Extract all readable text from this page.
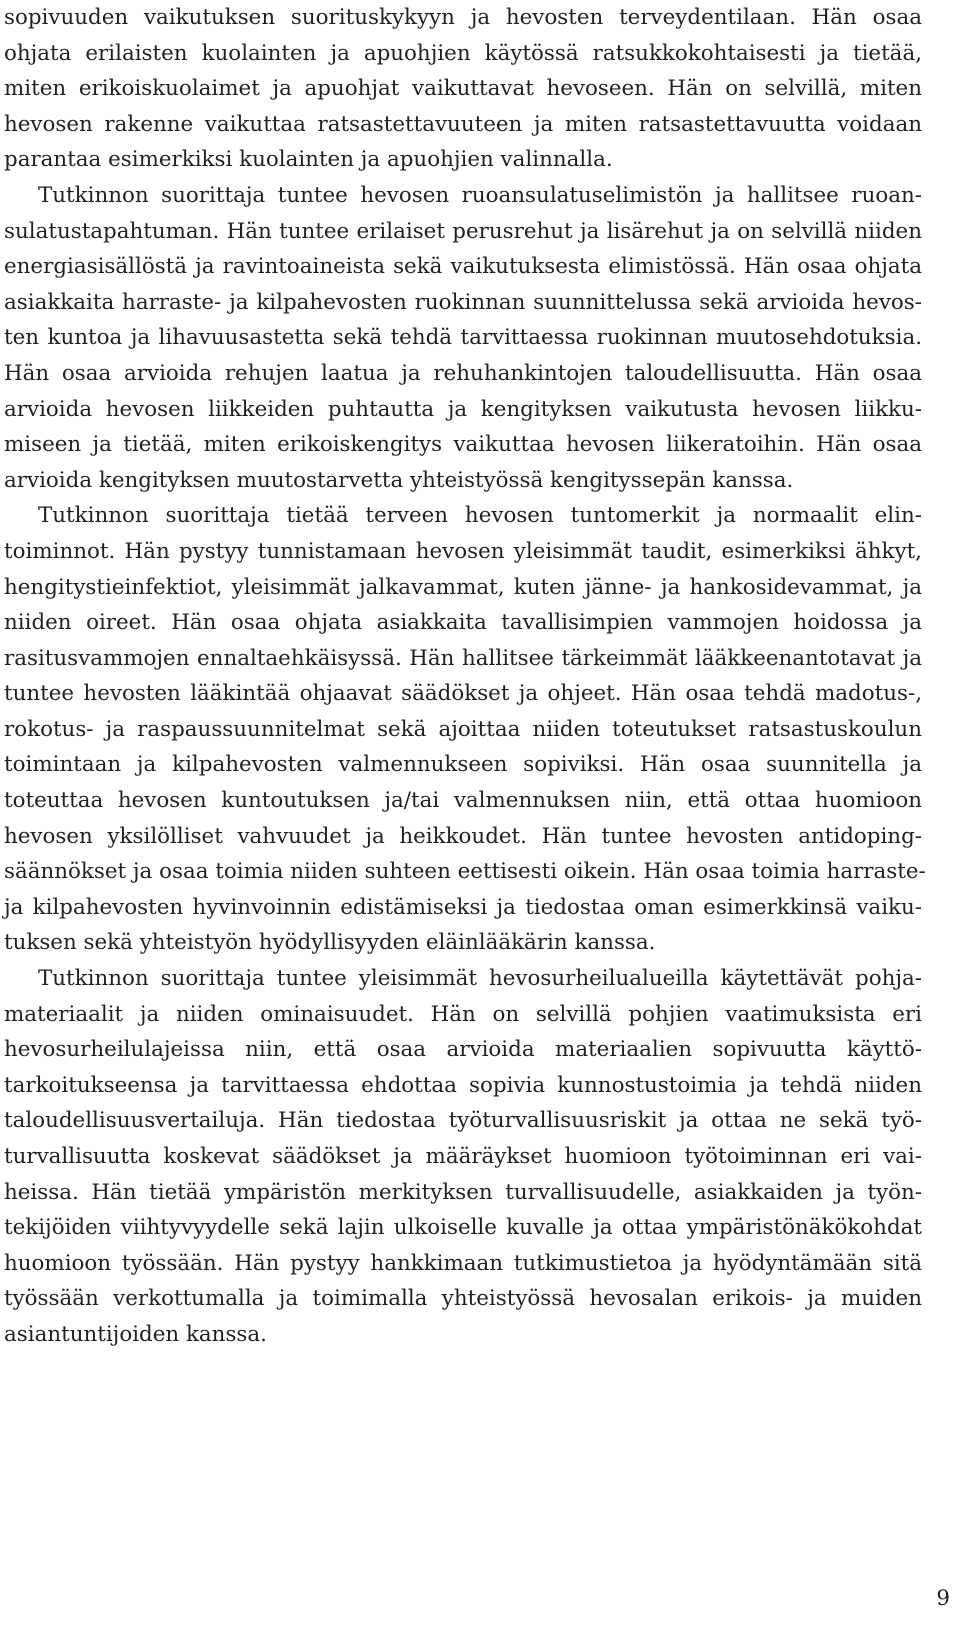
sopivuuden vaikutuksen suorituskykyyn ja hevosten terveydentilaan. Hän osaa
ohjata erilaisten kuolainten ja apuohjien käytössä ratsukkokohtaisesti ja tietää,
miten erikoiskuolaimet ja apuohjat vaikuttavat hevoseen. Hän on selvillä, miten
hevosen rakenne vaikuttaa ratsastettavuuteen ja miten ratsastettavuutta voidaan
parantaa esimerkiksi kuolainten ja apuohjien valinnalla.
Tutkinnon suorittaja tuntee hevosen ruoansulatuselimistön ja hallitsee ruoan-
sulatustapahtuman. Hän tuntee erilaiset perusrehut ja lisärehut ja on selvillä niiden
energiasisällöstä ja ravintoaineista sekä vaikutuksesta elimistössä. Hän osaa ohjata
asiakkaita harraste- ja kilpahevosten ruokinnan suunnittelussa sekä arvioida hevos-
ten kuntoa ja lihavuusastetta sekä tehdä tarvittaessa ruokinnan muutosehdotuksia.
Hän osaa arvioida rehujen laatua ja rehuhankintojen taloudellisuutta. Hän osaa
arvioida hevosen liikkeiden puhtautta ja kengityksen vaikutusta hevosen liikku-
miseen ja tietää, miten erikoiskengitys vaikuttaa hevosen liikeratoihin. Hän osaa
arvioida kengityksen muutostarvetta yhteistyössä kengityssepän kanssa.
Tutkinnon suorittaja tietää terveen hevosen tuntomerkit ja normaalit elin-
toiminnot. Hän pystyy tunnistamaan hevosen yleisimmät taudit, esimerkiksi ähkyt,
hengitystieinfektiot, yleisimmät jalkavammat, kuten jänne- ja hankosidevammat, ja
niiden oireet. Hän osaa ohjata asiakkaita tavallisimpien vammojen hoidossa ja
rasitusvammojen ennaltaehkäisyssä. Hän hallitsee tärkeimmät lääkkeenantotavat ja
tuntee hevosten lääkintää ohjaavat säädökset ja ohjeet. Hän osaa tehdä madotus-,
rokotus- ja raspaussuunnitelmat sekä ajoittaa niiden toteutukset ratsastuskoulun
toimintaan ja kilpahevosten valmennukseen sopiviksi. Hän osaa suunnitella ja
toteuttaa hevosen kuntoutuksen ja/tai valmennuksen niin, että ottaa huomioon
hevosen yksilölliset vahvuudet ja heikkoudet. Hän tuntee hevosten antidoping-
säännökset ja osaa toimia niiden suhteen eettisesti oikein. Hän osaa toimia harraste-
ja kilpahevosten hyvinvoinnin edistämiseksi ja tiedostaa oman esimerkkinsä vaiku-
tuksen sekä yhteistyön hyödyllisyyden eläinlääkärin kanssa.
Tutkinnon suorittaja tuntee yleisimmät hevosurheilualueilla käytettävät pohja-
materiaalit ja niiden ominaisuudet. Hän on selvillä pohjien vaatimuksista eri
hevosurheilulajeissa niin, että osaa arvioida materiaalien sopivuutta käyttö-
tarkoitukseensa ja tarvittaessa ehdottaa sopivia kunnostustoimia ja tehdä niiden
taloudellisuusvertailuja. Hän tiedostaa työturvallisuusriskit ja ottaa ne sekä työ-
turvallisuutta koskevat säädökset ja määräykset huomioon työtoiminnan eri vai-
heissa. Hän tietää ympäristön merkityksen turvallisuudelle, asiakkaiden ja työn-
tekijöiden viihtyvyydelle sekä lajin ulkoiselle kuvalle ja ottaa ympäristönäkökohdat
huomioon työssään. Hän pystyy hankkimaan tutkimustietoa ja hyödyntämään sitä
työssään verkottumalla ja toimimalla yhteistyössä hevosalan erikois- ja muiden
asiantuntijoiden kanssa.
9
